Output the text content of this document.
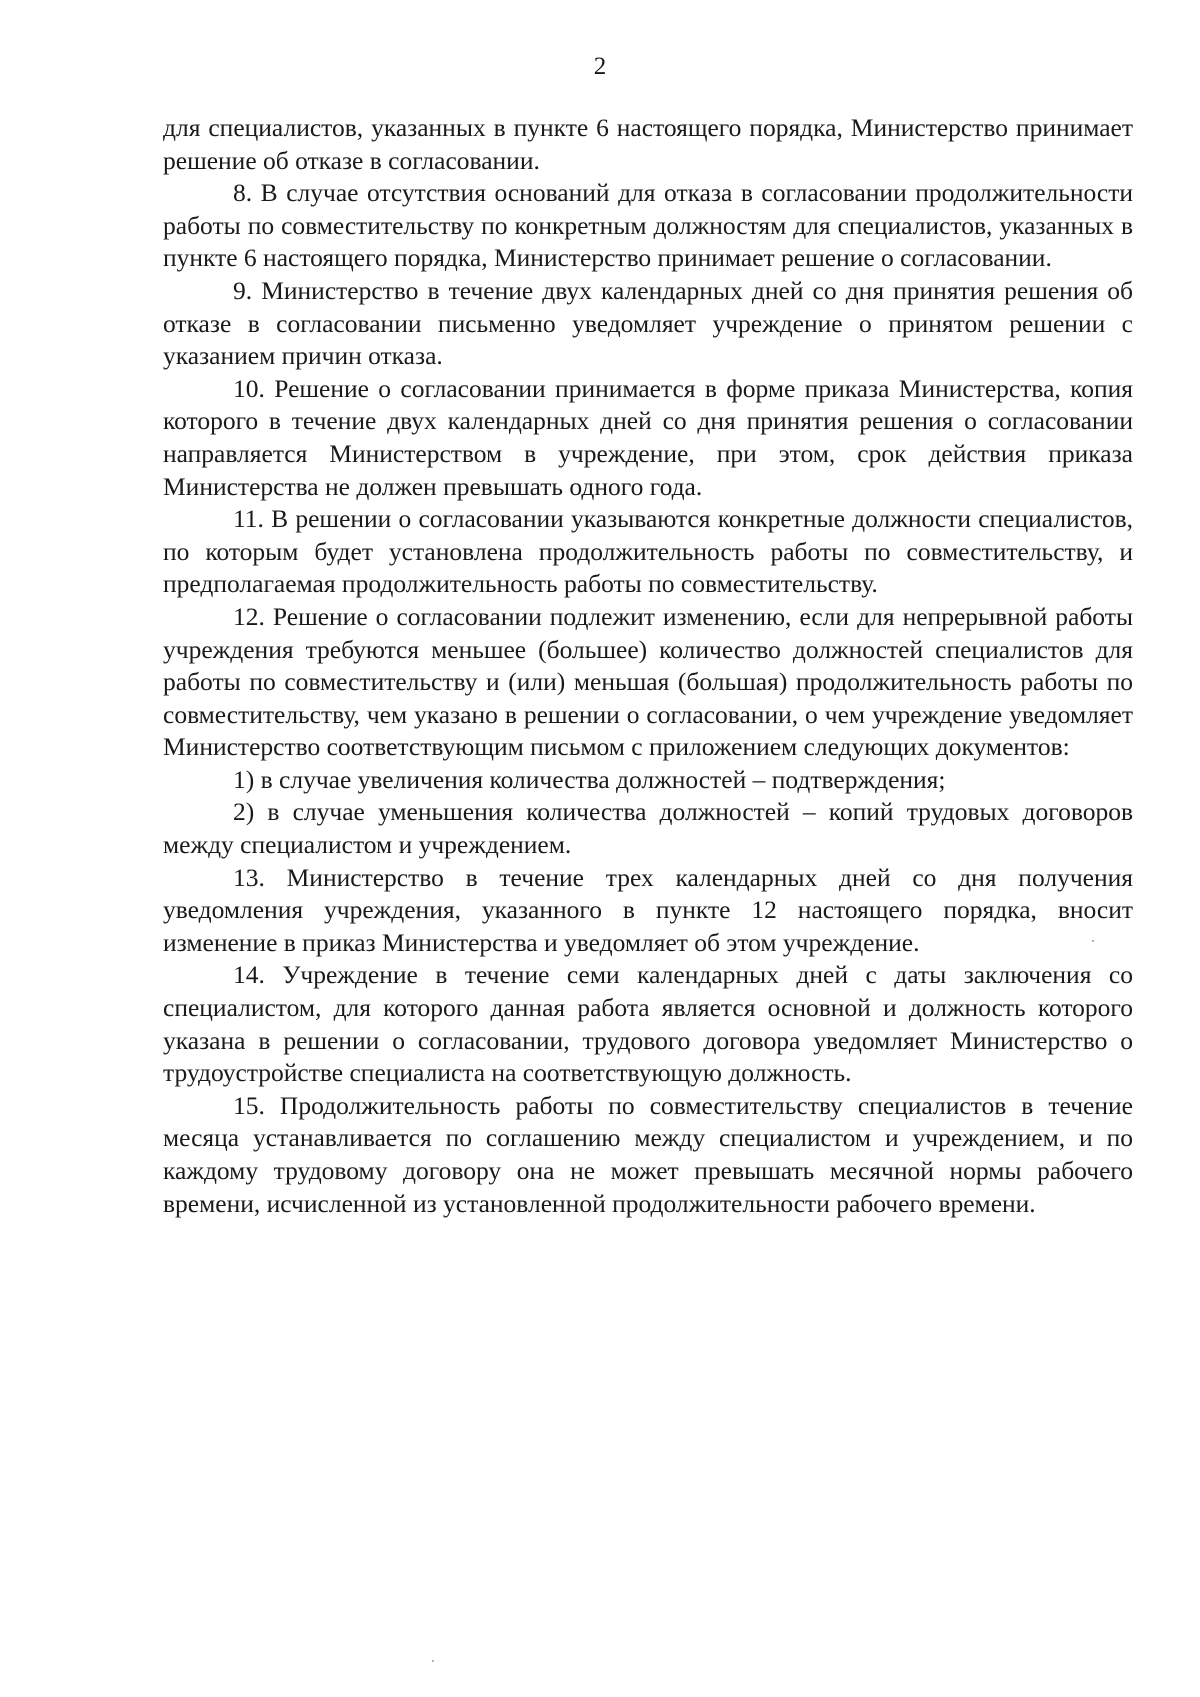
2

для специалистов, указанных в пункте 6 настоящего порядка, Министерство принимает решение об отказе в согласовании.

8. В случае отсутствия оснований для отказа в согласовании продолжительности работы по совместительству по конкретным должностям для специалистов, указанных в пункте 6 настоящего порядка, Министерство принимает решение о согласовании.

9. Министерство в течение двух календарных дней со дня принятия решения об отказе в согласовании письменно уведомляет учреждение о принятом решении с указанием причин отказа.

10. Решение о согласовании принимается в форме приказа Министерства, копия которого в течение двух календарных дней со дня принятия решения о согласовании направляется Министерством в учреждение, при этом, срок действия приказа Министерства не должен превышать одного года.

11. В решении о согласовании указываются конкретные должности специалистов, по которым будет установлена продолжительность работы по совместительству, и предполагаемая продолжительность работы по совместительству.

12. Решение о согласовании подлежит изменению, если для непрерывной работы учреждения требуются меньшее (большее) количество должностей специалистов для работы по совместительству и (или) меньшая (большая) продолжительность работы по совместительству, чем указано в решении о согласовании, о чем учреждение уведомляет Министерство соответствующим письмом с приложением следующих документов:

1) в случае увеличения количества должностей – подтверждения;

2) в случае уменьшения количества должностей – копий трудовых договоров между специалистом и учреждением.

13. Министерство в течение трех календарных дней со дня получения уведомления учреждения, указанного в пункте 12 настоящего порядка, вносит изменение в приказ Министерства и уведомляет об этом учреждение.

14. Учреждение в течение семи календарных дней с даты заключения со специалистом, для которого данная работа является основной и должность которого указана в решении о согласовании, трудового договора уведомляет Министерство о трудоустройстве специалиста на соответствующую должность.

15. Продолжительность работы по совместительству специалистов в течение месяца устанавливается по соглашению между специалистом и учреждением, и по каждому трудовому договору она не может превышать месячной нормы рабочего времени, исчисленной из установленной продолжительности рабочего времени.
